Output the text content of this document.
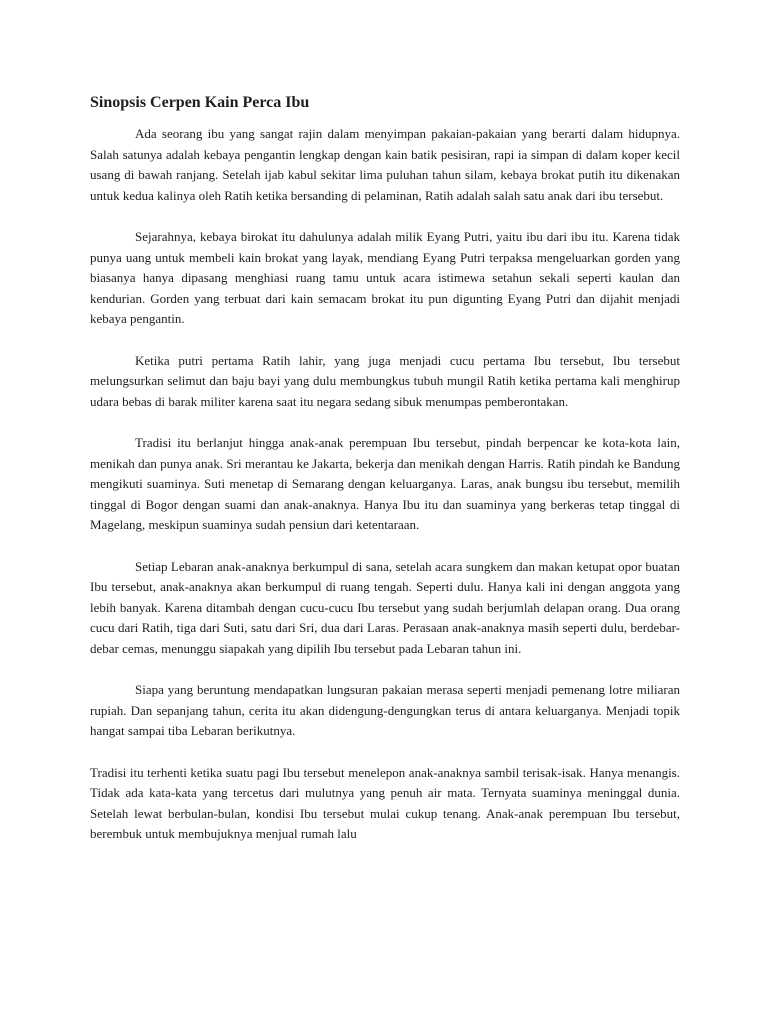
Sinopsis Cerpen Kain Perca Ibu

Ada seorang ibu yang sangat rajin dalam menyimpan pakaian-pakaian yang berarti dalam hidupnya. Salah satunya adalah kebaya pengantin lengkap dengan kain batik pesisiran, rapi ia simpan di dalam koper kecil usang di bawah ranjang. Setelah ijab kabul sekitar lima puluhan tahun silam, kebaya brokat putih itu dikenakan untuk kedua kalinya oleh Ratih ketika bersanding di pelaminan, Ratih adalah salah satu anak dari ibu tersebut.

Sejarahnya, kebaya birokat itu dahulunya adalah milik Eyang Putri, yaitu ibu dari ibu itu. Karena tidak punya uang untuk membeli kain brokat yang layak, mendiang Eyang Putri terpaksa mengeluarkan gorden yang biasanya hanya dipasang menghiasi ruang tamu untuk acara istimewa setahun sekali seperti kaulan dan kendurian. Gorden yang terbuat dari kain semacam brokat itu pun digunting Eyang Putri dan dijahit menjadi kebaya pengantin.

Ketika putri pertama Ratih lahir, yang juga menjadi cucu pertama Ibu tersebut, Ibu tersebut melungsurkan selimut dan baju bayi yang dulu membungkus tubuh mungil Ratih ketika pertama kali menghirup udara bebas di barak militer karena saat itu negara sedang sibuk menumpas pemberontakan.

Tradisi itu berlanjut hingga anak-anak perempuan Ibu tersebut, pindah berpencar ke kota-kota lain, menikah dan punya anak. Sri merantau ke Jakarta, bekerja dan menikah dengan Harris. Ratih pindah ke Bandung mengikuti suaminya. Suti menetap di Semarang dengan keluarganya. Laras, anak bungsu ibu tersebut, memilih tinggal di Bogor dengan suami dan anak-anaknya. Hanya Ibu itu dan suaminya yang berkeras tetap tinggal di Magelang, meskipun suaminya sudah pensiun dari ketentaraan.

Setiap Lebaran anak-anaknya berkumpul di sana, setelah acara sungkem dan makan ketupat opor buatan Ibu tersebut, anak-anaknya akan berkumpul di ruang tengah. Seperti dulu. Hanya kali ini dengan anggota yang lebih banyak. Karena ditambah dengan cucu-cucu Ibu tersebut yang sudah berjumlah delapan orang. Dua orang cucu dari Ratih, tiga dari Suti, satu dari Sri, dua dari Laras. Perasaan anak-anaknya masih seperti dulu, berdebar-debar cemas, menunggu siapakah yang dipilih Ibu tersebut pada Lebaran tahun ini.

Siapa yang beruntung mendapatkan lungsuran pakaian merasa seperti menjadi pemenang lotre miliaran rupiah. Dan sepanjang tahun, cerita itu akan didengung-dengungkan terus di antara keluarganya. Menjadi topik hangat sampai tiba Lebaran berikutnya.

Tradisi itu terhenti ketika suatu pagi Ibu tersebut menelepon anak-anaknya sambil terisak-isak. Hanya menangis. Tidak ada kata-kata yang tercetus dari mulutnya yang penuh air mata. Ternyata suaminya meninggal dunia. Setelah lewat berbulan-bulan, kondisi Ibu tersebut mulai cukup tenang. Anak-anak perempuan Ibu tersebut, berembuk untuk membujuknya menjual rumah lalu
